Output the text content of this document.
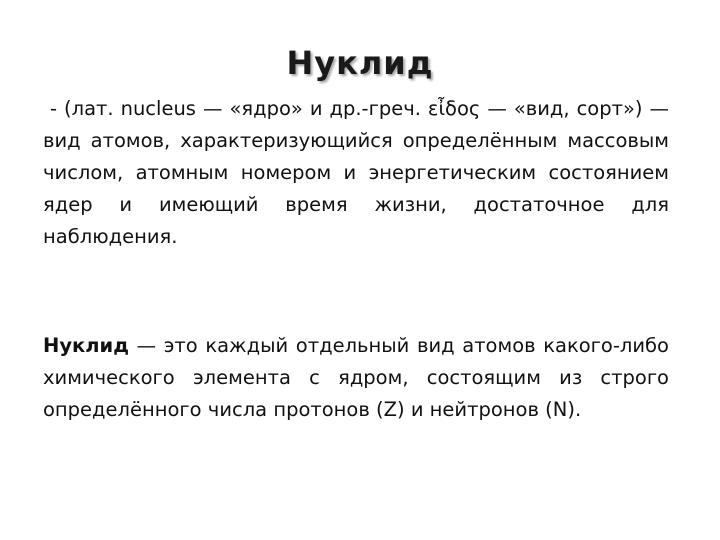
Нуклид

- (лат. nucleus — «ядро» и др.-греч. εἶδος — «вид, сорт») — вид атомов, характеризующийся определённым массовым числом, атомным номером и энергетическим состоянием ядер и имеющий время жизни, достаточное для наблюдения.

Нуклид — это каждый отдельный вид атомов какого-либо химического элемента с ядром, состоящим из строго определённого числа протонов (Z) и нейтронов (N).
